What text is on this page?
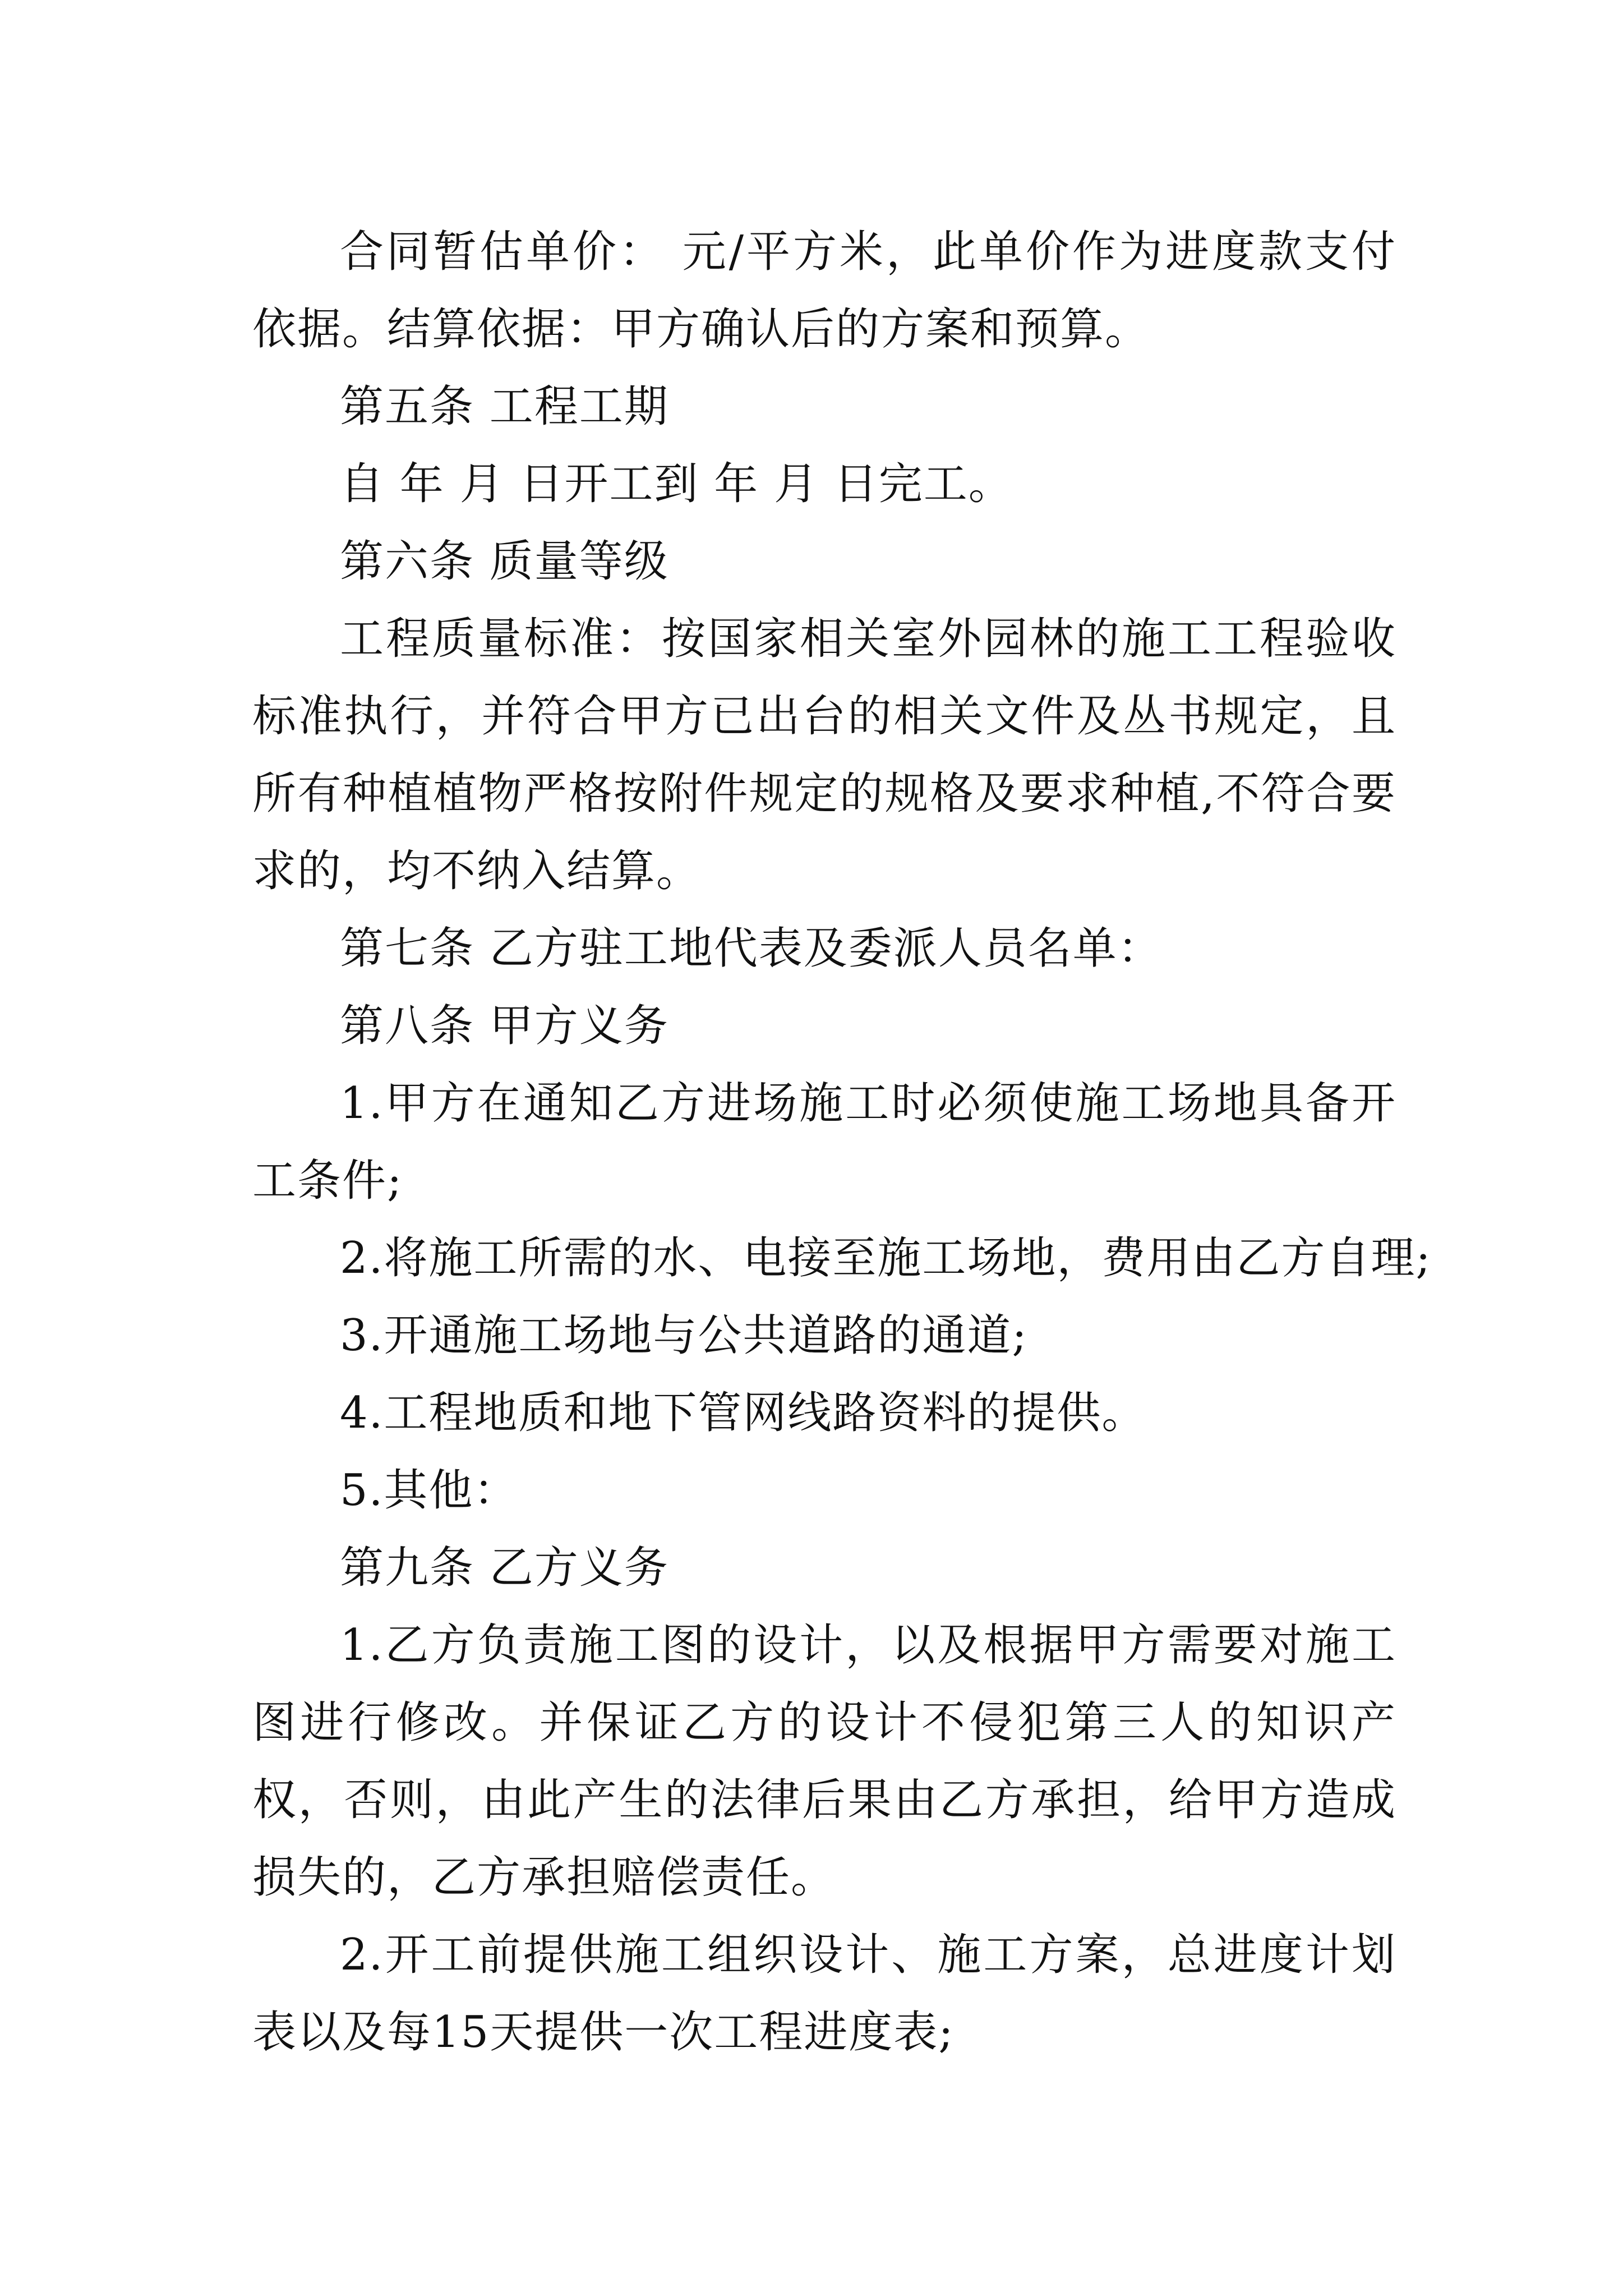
合同暂估单价： 元/平方米，此单价作为进度款支付依据。结算依据：甲方确认后的方案和预算。

第五条 工程工期

自 年 月 日开工到 年 月 日完工。

第六条 质量等级

工程质量标准：按国家相关室外园林的施工工程验收标准执行，并符合甲方已出台的相关文件及丛书规定，且所有种植植物严格按附件规定的规格及要求种植,不符合要求的，均不纳入结算。

第七条 乙方驻工地代表及委派人员名单：

第八条 甲方义务

1.甲方在通知乙方进场施工时必须使施工场地具备开工条件;

2.将施工所需的水、电接至施工场地，费用由乙方自理;

3.开通施工场地与公共道路的通道;

4.工程地质和地下管网线路资料的提供。

5.其他：

第九条 乙方义务

1.乙方负责施工图的设计，以及根据甲方需要对施工图进行修改。并保证乙方的设计不侵犯第三人的知识产权，否则，由此产生的法律后果由乙方承担，给甲方造成损失的，乙方承担赔偿责任。

2.开工前提供施工组织设计、施工方案，总进度计划表以及每15天提供一次工程进度表;
